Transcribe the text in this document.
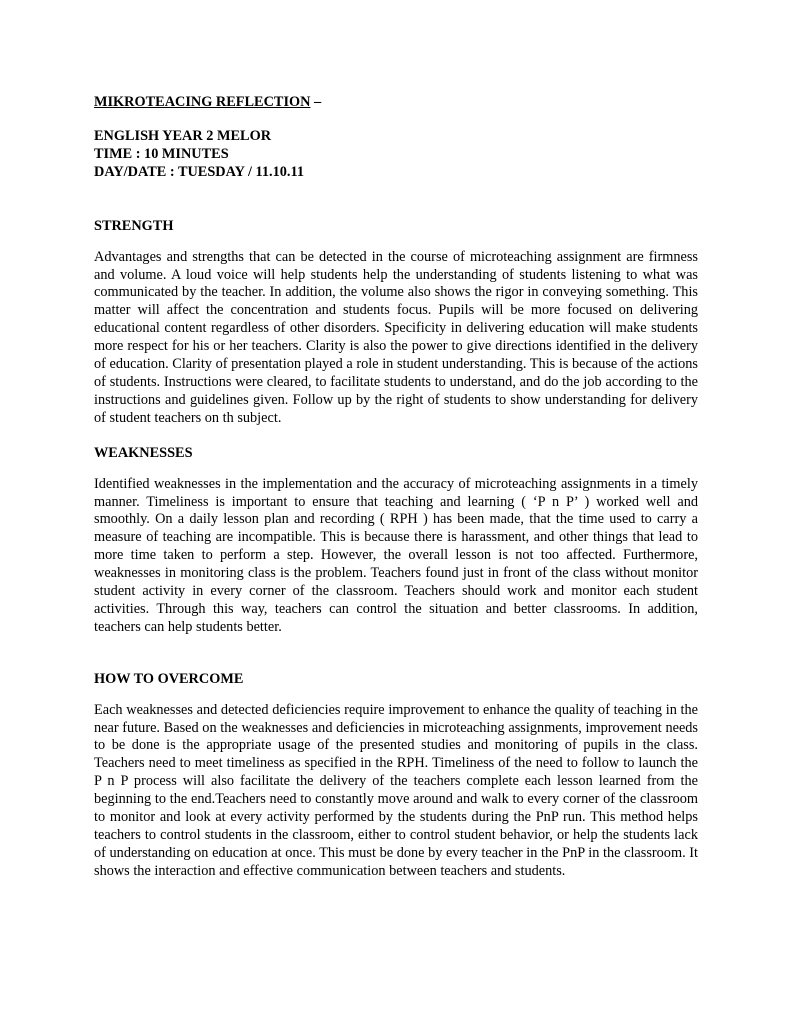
MIKROTEACING REFLECTION –

ENGLISH YEAR 2 MELOR

TIME : 10 MINUTES

DAY/DATE : TUESDAY / 11.10.11

STRENGTH

Advantages and strengths that can be detected in the course of microteaching assignment are firmness and volume. A loud voice will help students help the understanding of students listening to what was communicated by the teacher. In addition, the volume also shows the rigor in conveying something. This matter will affect the concentration and students focus. Pupils will be more focused on delivering educational content regardless of other disorders. Specificity in delivering education will make students more respect for his or her teachers. Clarity is also the power to give directions identified in the delivery of education. Clarity of presentation played a role in student understanding. This is because of the actions of students. Instructions were cleared, to facilitate students to understand, and do the job according to the instructions and guidelines given. Follow up by the right of students to show understanding for delivery of student teachers on th subject.

WEAKNESSES

Identified weaknesses in the implementation and the accuracy of microteaching assignments in a timely manner. Timeliness is important to ensure that teaching and learning ( ‘P n P’ ) worked well and smoothly. On a daily lesson plan and recording ( RPH ) has been made, that the time used to carry a measure of teaching are incompatible. This is because there is harassment, and other things that lead to more time taken to perform a step. However, the overall lesson is not too affected. Furthermore, weaknesses in monitoring class is the problem. Teachers found just in front of the class without monitor student activity in every corner of the classroom. Teachers should work and monitor each student activities. Through this way, teachers can control the situation and better classrooms. In addition, teachers can help students better.

HOW TO OVERCOME

Each weaknesses and detected deficiencies require improvement to enhance the quality of teaching in the near future. Based on the weaknesses and deficiencies in microteaching assignments, improvement needs to be done is the appropriate usage of the presented studies and monitoring of pupils in the class. Teachers need to meet timeliness as specified in the RPH. Timeliness of the need to follow to launch the P n P process will also facilitate the delivery of the teachers complete each lesson learned from the beginning to the end.Teachers need to constantly move around and walk to every corner of the classroom to monitor and look at every activity performed by the students during the PnP run. This method helps teachers to control students in the classroom, either to control student behavior, or help the students lack of understanding on education at once. This must be done by every teacher in the PnP in the classroom. It shows the interaction and effective communication between teachers and students.
